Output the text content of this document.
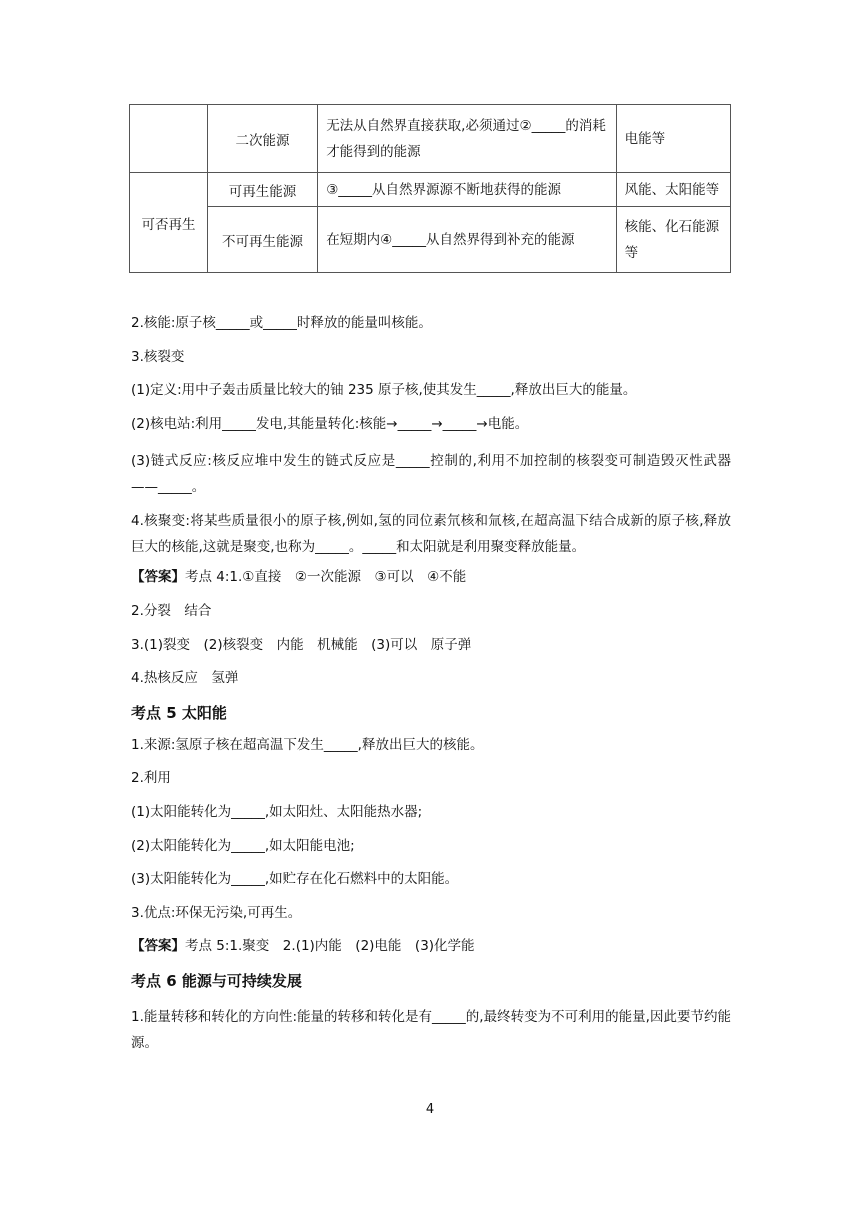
	二次能源	无法从自然界直接获取,必须通过②_____的消耗才能得到的能源	电能等
可否再生	可再生能源	③_____从自然界源源不断地获得的能源	风能、太阳能等
	不可再生能源	在短期内④_____从自然界得到补充的能源	核能、化石能源等
2.核能:原子核_____或_____时释放的能量叫核能。
3.核裂变
(1)定义:用中子轰击质量比较大的铀 235 原子核,使其发生_____,释放出巨大的能量。
(2)核电站:利用_____发电,其能量转化:核能→_____→_____→电能。
(3)链式反应:核反应堆中发生的链式反应是_____控制的,利用不加控制的核裂变可制造毁灭性武器——_____。
4.核聚变:将某些质量很小的原子核,例如,氢的同位素氘核和氚核,在超高温下结合成新的原子核,释放巨大的核能,这就是聚变,也称为_____。_____和太阳就是利用聚变释放能量。
【答案】考点 4:1.①直接　②一次能源　③可以　④不能
2.分裂　结合
3.(1)裂变　(2)核裂变　内能　机械能　(3)可以　原子弹
4.热核反应　氢弹
考点 5 太阳能
1.来源:氢原子核在超高温下发生_____,释放出巨大的核能。
2.利用
(1)太阳能转化为_____,如太阳灶、太阳能热水器;
(2)太阳能转化为_____,如太阳能电池;
(3)太阳能转化为_____,如贮存在化石燃料中的太阳能。
3.优点:环保无污染,可再生。
【答案】考点 5:1.聚变　2.(1)内能　(2)电能　(3)化学能
考点 6 能源与可持续发展
1.能量转移和转化的方向性:能量的转移和转化是有_____的,最终转变为不可利用的能量,因此要节约能源。
4
